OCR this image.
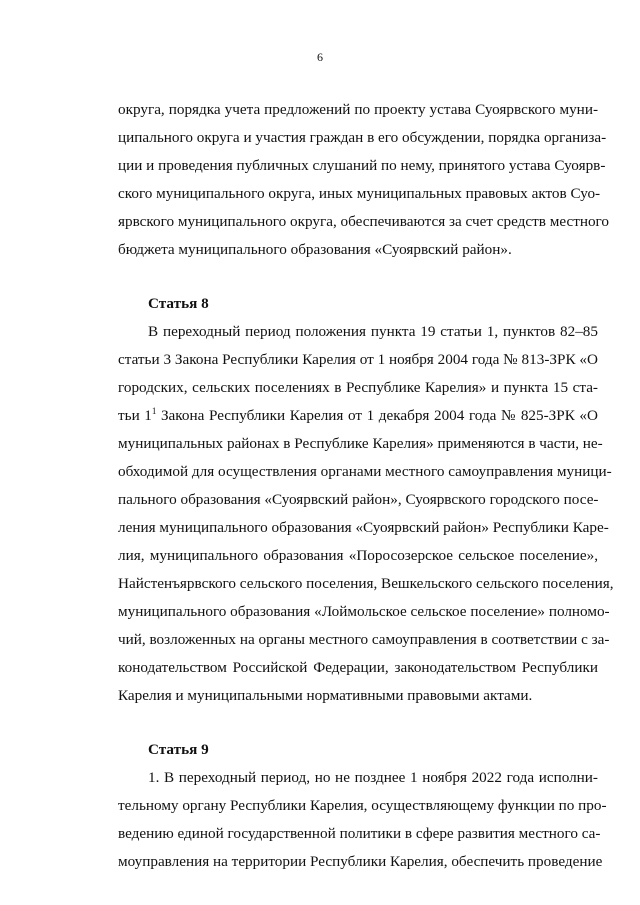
6
округа, порядка учета предложений по проекту устава Суоярвского муни-
ципального округа и участия граждан в его обсуждении, порядка организа-
ции и проведения публичных слушаний по нему, принятого устава Суоярв-
ского муниципального округа, иных муниципальных правовых актов Суо-
ярвского муниципального округа, обеспечиваются за счет средств местного
бюджета муниципального образования «Суоярвский район».
Статья 8
В переходный период положения пункта 19 статьи 1, пунктов 82–85
статьи 3 Закона Республики Карелия от 1 ноября 2004 года № 813-ЗРК «О
городских, сельских поселениях в Республике Карелия» и пункта 15 ста-
тьи $1^1$ Закона Республики Карелия от 1 декабря 2004 года № 825-ЗРК «О
муниципальных районах в Республике Карелия» применяются в части, не-
обходимой для осуществления органами местного самоуправления муници-
пального образования «Суоярвский район», Суоярвского городского посе-
ления муниципального образования «Суоярвский район» Республики Каре-
лия, муниципального образования «Поросозерское сельское поселение»,
Найстенъярвского сельского поселения, Вешкельского сельского поселения,
муниципального образования «Лоймольское сельское поселение» полномо-
чий, возложенных на органы местного самоуправления в соответствии с за-
конодательством Российской Федерации, законодательством Республики
Карелия и муниципальными нормативными правовыми актами.
Статья 9
1. В переходный период, но не позднее 1 ноября 2022 года исполни-
тельному органу Республики Карелия, осуществляющему функции по про-
ведению единой государственной политики в сфере развития местного са-
моуправления на территории Республики Карелия, обеспечить проведение
